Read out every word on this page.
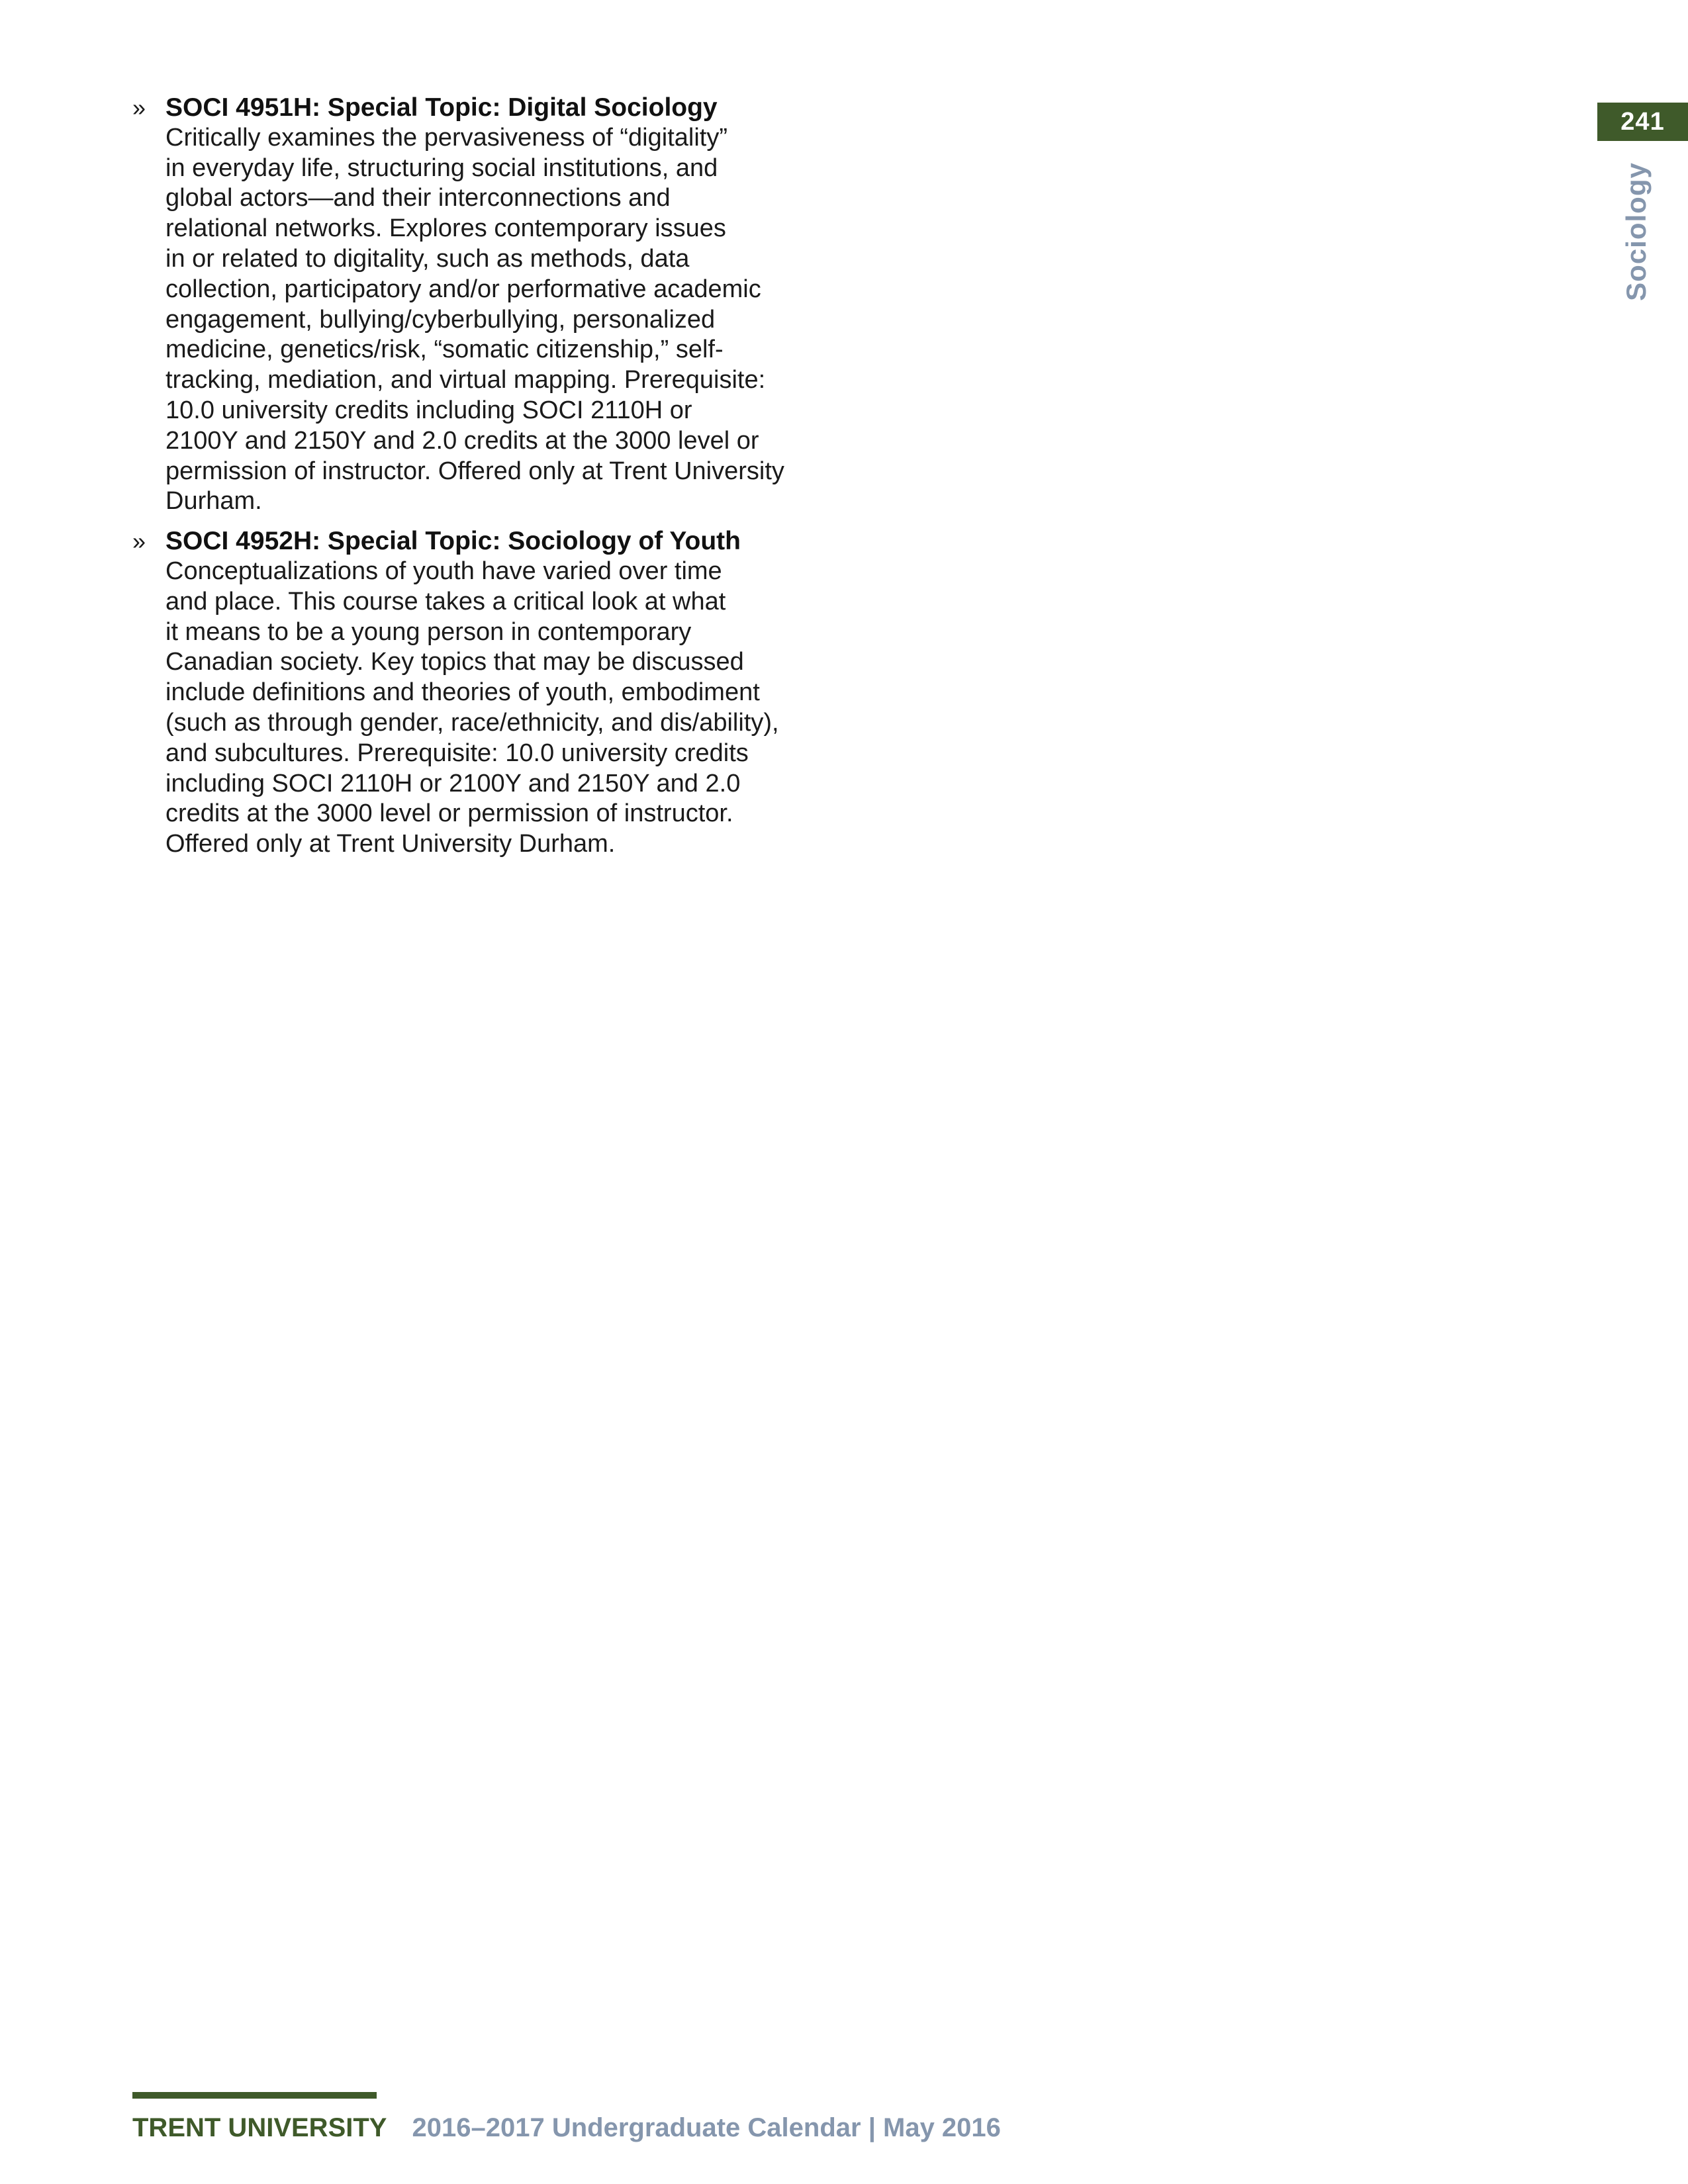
241
Sociology
» SOCI 4951H: Special Topic: Digital Sociology
Critically examines the pervasiveness of “digitality”
in everyday life, structuring social institutions, and
global actors—and their interconnections and
relational networks. Explores contemporary issues
in or related to digitality, such as methods, data
collection, participatory and/or performative academic
engagement, bullying/cyberbullying, personalized
medicine, genetics/risk, “somatic citizenship,” self-
tracking, mediation, and virtual mapping. Prerequisite:
10.0 university credits including SOCI 2110H or
2100Y and 2150Y and 2.0 credits at the 3000 level or
permission of instructor. Offered only at Trent University
Durham.
» SOCI 4952H: Special Topic: Sociology of Youth
Conceptualizations of youth have varied over time
and place. This course takes a critical look at what
it means to be a young person in contemporary
Canadian society. Key topics that may be discussed
include definitions and theories of youth, embodiment
(such as through gender, race/ethnicity, and dis/ability),
and subcultures. Prerequisite: 10.0 university credits
including SOCI 2110H or 2100Y and 2150Y and 2.0
credits at the 3000 level or permission of instructor.
Offered only at Trent University Durham.
TRENT UNIVERSITY 2016–2017 Undergraduate Calendar | May 2016
